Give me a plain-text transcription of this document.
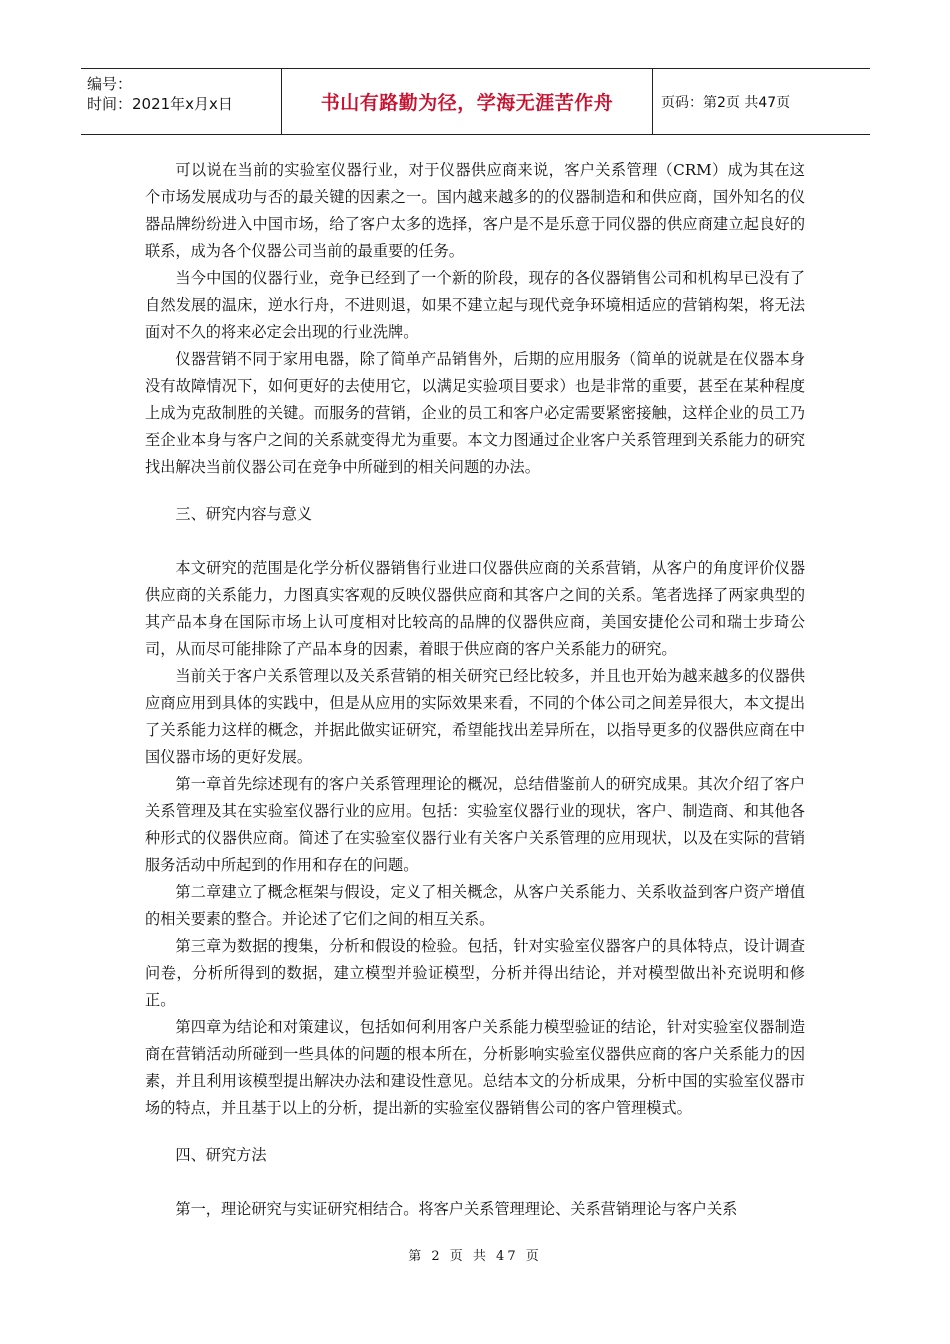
编号：
时间：2021年x月x日	书山有路勤为径，学海无涯苦作舟	页码：第2页 共47页

可以说在当前的实验室仪器行业，对于仪器供应商来说，客户关系管理（CRM）成为其在这个市场发展成功与否的最关键的因素之一。国内越来越多的的仪器制造和和供应商，国外知名的仪器品牌纷纷进入中国市场，给了客户太多的选择，客户是不是乐意于同仪器的供应商建立起良好的联系，成为各个仪器公司当前的最重要的任务。

当今中国的仪器行业，竞争已经到了一个新的阶段，现存的各仪器销售公司和机构早已没有了自然发展的温床，逆水行舟，不进则退，如果不建立起与现代竞争环境相适应的营销构架，将无法面对不久的将来必定会出现的行业洗牌。

仪器营销不同于家用电器，除了简单产品销售外，后期的应用服务（简单的说就是在仪器本身没有故障情况下，如何更好的去使用它，以满足实验项目要求）也是非常的重要，甚至在某种程度上成为克敌制胜的关键。而服务的营销，企业的员工和客户必定需要紧密接触，这样企业的员工乃至企业本身与客户之间的关系就变得尤为重要。本文力图通过企业客户关系管理到关系能力的研究找出解决当前仪器公司在竞争中所碰到的相关问题的办法。

三、研究内容与意义

本文研究的范围是化学分析仪器销售行业进口仪器供应商的关系营销，从客户的角度评价仪器供应商的关系能力，力图真实客观的反映仪器供应商和其客户之间的关系。笔者选择了两家典型的其产品本身在国际市场上认可度相对比较高的品牌的仪器供应商，美国安捷伦公司和瑞士步琦公司，从而尽可能排除了产品本身的因素，着眼于供应商的客户关系能力的研究。

当前关于客户关系管理以及关系营销的相关研究已经比较多，并且也开始为越来越多的仪器供应商应用到具体的实践中，但是从应用的实际效果来看，不同的个体公司之间差异很大，本文提出了关系能力这样的概念，并据此做实证研究，希望能找出差异所在，以指导更多的仪器供应商在中国仪器市场的更好发展。

第一章首先综述现有的客户关系管理理论的概况，总结借鉴前人的研究成果。其次介绍了客户关系管理及其在实验室仪器行业的应用。包括：实验室仪器行业的现状，客户、制造商、和其他各种形式的仪器供应商。简述了在实验室仪器行业有关客户关系管理的应用现状，以及在实际的营销服务活动中所起到的作用和存在的问题。

第二章建立了概念框架与假设，定义了相关概念，从客户关系能力、关系收益到客户资产增值的相关要素的整合。并论述了它们之间的相互关系。

第三章为数据的搜集，分析和假设的检验。包括，针对实验室仪器客户的具体特点，设计调查问卷，分析所得到的数据，建立模型并验证模型，分析并得出结论，并对模型做出补充说明和修正。

第四章为结论和对策建议，包括如何利用客户关系能力模型验证的结论，针对实验室仪器制造商在营销活动所碰到一些具体的问题的根本所在，分析影响实验室仪器供应商的客户关系能力的因素，并且利用该模型提出解决办法和建设性意见。总结本文的分析成果，分析中国的实验室仪器市场的特点，并且基于以上的分析，提出新的实验室仪器销售公司的客户管理模式。

四、研究方法

第一，理论研究与实证研究相结合。将客户关系管理理论、关系营销理论与客户关系

第 2 页 共 47 页
